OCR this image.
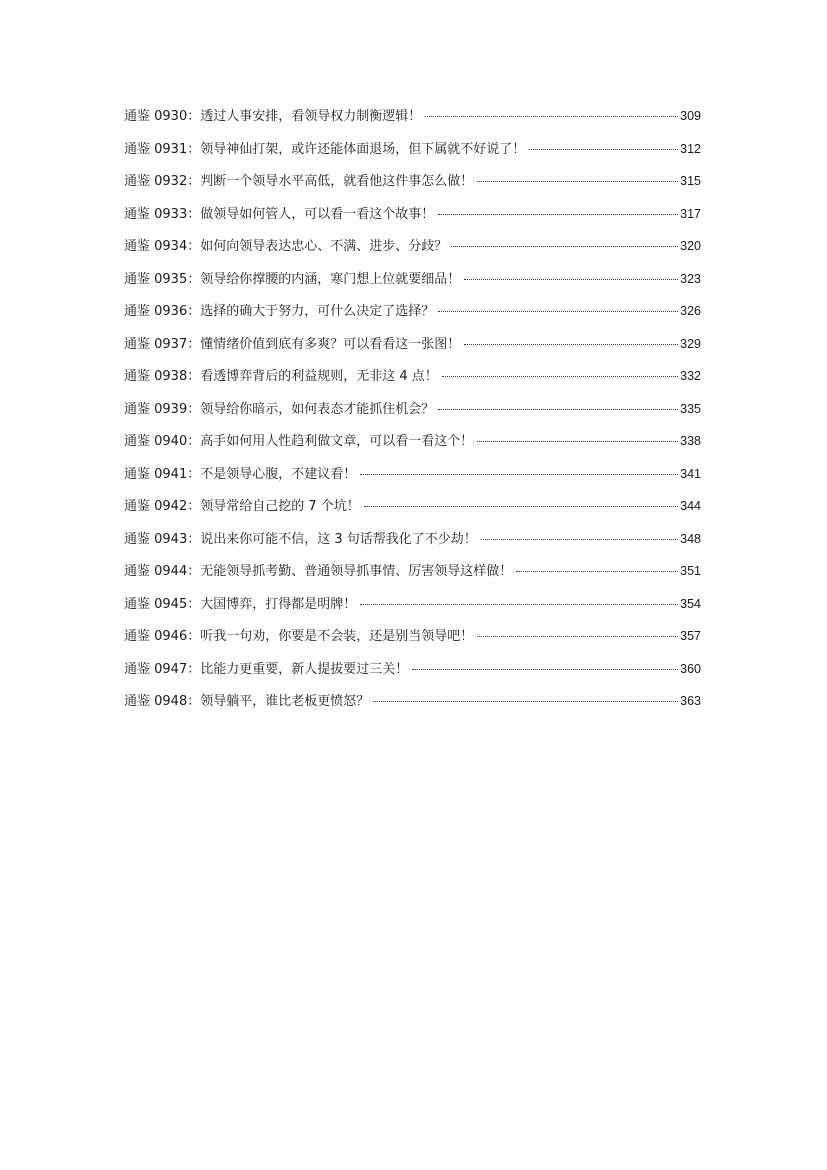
通鉴 0930：透过人事安排，看领导权力制衡逻辑！	309
通鉴 0931：领导神仙打架，或许还能体面退场，但下属就不好说了！	312
通鉴 0932：判断一个领导水平高低，就看他这件事怎么做！	315
通鉴 0933：做领导如何管人，可以看一看这个故事！	317
通鉴 0934：如何向领导表达忠心、不满、进步、分歧？	320
通鉴 0935：领导给你撑腰的内涵，寒门想上位就要细品！	323
通鉴 0936：选择的确大于努力，可什么决定了选择？	326
通鉴 0937：懂情绪价值到底有多爽？可以看看这一张图！	329
通鉴 0938：看透博弈背后的利益规则，无非这 4 点！	332
通鉴 0939：领导给你暗示，如何表态才能抓住机会？	335
通鉴 0940：高手如何用人性趋利做文章，可以看一看这个！	338
通鉴 0941：不是领导心腹，不建议看！	341
通鉴 0942：领导常给自己挖的 7 个坑！	344
通鉴 0943：说出来你可能不信，这 3 句话帮我化了不少劫！	348
通鉴 0944：无能领导抓考勤、普通领导抓事情、厉害领导这样做！	351
通鉴 0945：大国博弈，打得都是明牌！	354
通鉴 0946：听我一句劝，你要是不会装，还是别当领导吧！	357
通鉴 0947：比能力更重要，新人提拔要过三关！	360
通鉴 0948：领导躺平，谁比老板更愤怒？	363
